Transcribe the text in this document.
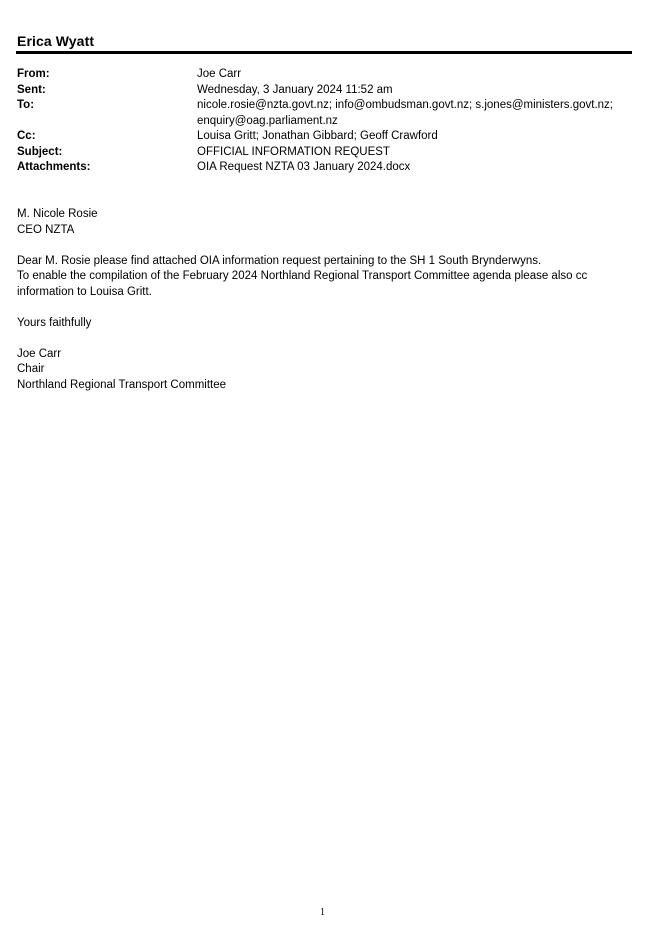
Erica Wyatt
From:	Joe Carr
Sent:	Wednesday, 3 January 2024 11:52 am
To:	nicole.rosie@nzta.govt.nz; info@ombudsman.govt.nz; s.jones@ministers.govt.nz;
enquiry@oag.parliament.nz
Cc:	Louisa Gritt; Jonathan Gibbard; Geoff Crawford
Subject:	OFFICIAL INFORMATION REQUEST
Attachments:	OIA Request NZTA 03 January 2024.docx

M. Nicole Rosie

CEO NZTA

Dear M. Rosie please find attached OIA information request pertaining to the SH 1 South Brynderwyns.

To enable the compilation of the February 2024 Northland Regional Transport Committee agenda please also cc

information to Louisa Gritt.

Yours faithfully

Joe Carr

Chair

Northland Regional Transport Committee

1
